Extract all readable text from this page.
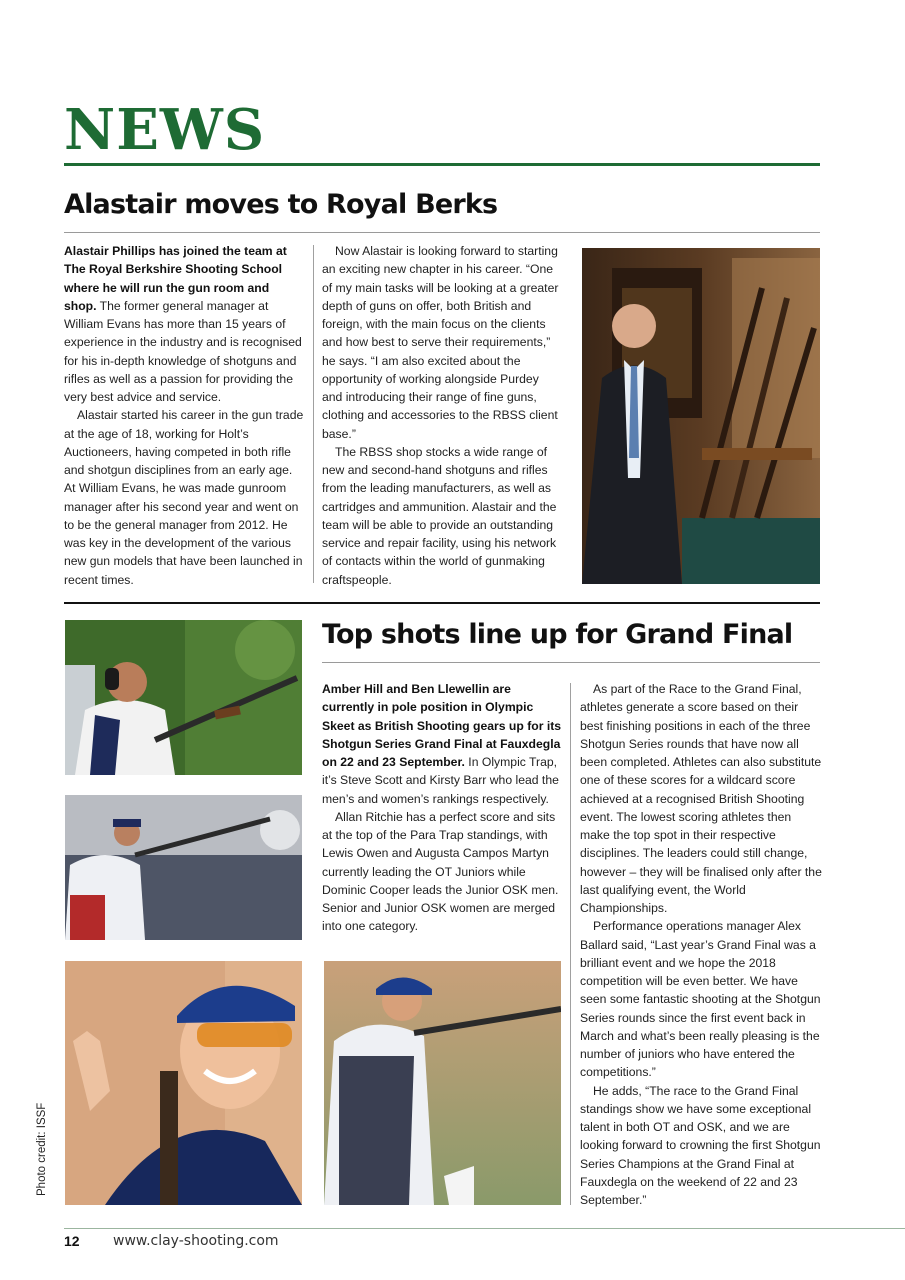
NEWS
Alastair moves to Royal Berks

Alastair Phillips has joined the team at The Royal Berkshire Shooting School where he will run the gun room and shop. The former general manager at William Evans has more than 15 years of experience in the industry and is recognised for his in-depth knowledge of shotguns and rifles as well as a passion for providing the very best advice and service.

Alastair started his career in the gun trade at the age of 18, working for Holt’s Auctioneers, having competed in both rifle and shotgun disciplines from an early age. At William Evans, he was made gunroom manager after his second year and went on to be the general manager from 2012. He was key in the development of the various new gun models that have been launched in recent times.

Now Alastair is looking forward to starting an exciting new chapter in his career. “One of my main tasks will be looking at a greater depth of guns on offer, both British and foreign, with the main focus on the clients and how best to serve their requirements,” he says. “I am also excited about the opportunity of working alongside Purdey and introducing their range of fine guns, clothing and accessories to the RBSS client base.”

The RBSS shop stocks a wide range of new and second-hand shotguns and rifles from the leading manufacturers, as well as cartridges and ammunition. Alastair and the team will be able to provide an outstanding service and repair facility, using his network of contacts within the world of gunmaking craftspeople.

Top shots line up for Grand Final

Amber Hill and Ben Llewellin are currently in pole position in Olympic Skeet as British Shooting gears up for its Shotgun Series Grand Final at Fauxdegla on 22 and 23 September. In Olympic Trap, it’s Steve Scott and Kirsty Barr who lead the men’s and women’s rankings respectively.

Allan Ritchie has a perfect score and sits at the top of the Para Trap standings, with Lewis Owen and Augusta Campos Martyn currently leading the OT Juniors while Dominic Cooper leads the Junior OSK men. Senior and Junior OSK women are merged into one category.

As part of the Race to the Grand Final, athletes generate a score based on their best finishing positions in each of the three Shotgun Series rounds that have now all been completed. Athletes can also substitute one of these scores for a wildcard score achieved at a recognised British Shooting event. The lowest scoring athletes then make the top spot in their respective disciplines. The leaders could still change, however – they will be finalised only after the last qualifying event, the World Championships.

Performance operations manager Alex Ballard said, “Last year’s Grand Final was a brilliant event and we hope the 2018 competition will be even better. We have seen some fantastic shooting at the Shotgun Series rounds since the first event back in March and what’s been really pleasing is the number of juniors who have entered the competitions.”

He adds, “The race to the Grand Final standings show we have some exceptional talent in both OT and OSK, and we are looking forward to crowning the first Shotgun Series Champions at the Grand Final at Fauxdegla on the weekend of 22 and 23 September.”

Photo credit: ISSF
12 www.clay-shooting.com
